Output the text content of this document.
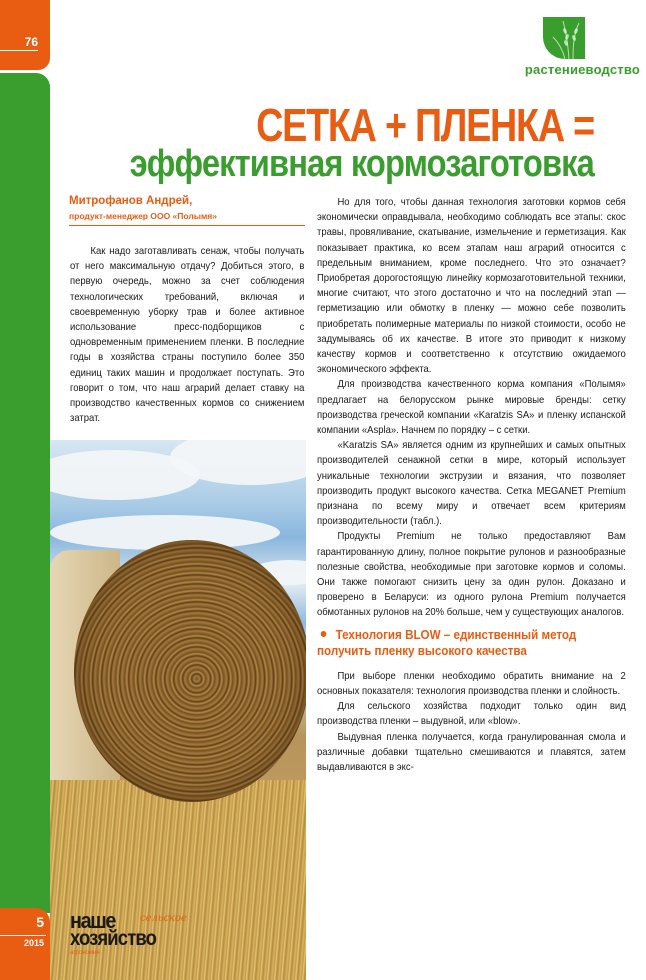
76
растениеводство
СЕТКА + ПЛЕНКА =
эффективная кормозаготовка
Митрофанов Андрей,
продукт-менеджер ООО «Полымя»

Как надо заготавливать сенаж, чтобы получать от него максимальную отдачу? Добиться этого, в первую очередь, можно за счет соблюдения технологических требований, включая и своевременную уборку трав и более активное использование пресс-подборщиков с одновременным применением пленки. В последние годы в хозяйства страны поступило более 350 единиц таких машин и продолжает поступать. Это говорит о том, что наш аграрий делает ставку на производство качественных кормов со снижением затрат.

Но для того, чтобы данная технология заготовки кормов себя экономически оправдывала, необходимо соблюдать все этапы: скос травы, провяливание, скатывание, измельчение и герметизация. Как показывает практика, ко всем этапам наш аграрий относится с предельным вниманием, кроме последнего. Что это означает? Приобретая дорогостоящую линейку кормозаготовительной техники, многие считают, что этого достаточно и что на последний этап — герметизацию или обмотку в пленку — можно себе позволить приобретать полимерные материалы по низкой стоимости, особо не задумываясь об их качестве. В итоге это приводит к низкому качеству кормов и соответственно к отсутствию ожидаемого экономического эффекта.

Для производства качественного корма компания «Полымя» предлагает на белорусском рынке мировые бренды: сетку производства греческой компании «Karatzis SA» и пленку испанской компании «Aspla». Начнем по порядку – с сетки.

«Karatzis SA» является одним из крупнейших и самых опытных производителей сенажной сетки в мире, который использует уникальные технологии экструзии и вязания, что позволяет производить продукт высокого качества. Сетка MEGANET Premium признана по всему миру и отвечает всем критериям производительности (табл.).

Продукты Premium не только предоставляют Вам гарантированную длину, полное покрытие рулонов и разнообразные полезные свойства, необходимые при заготовке кормов и соломы. Они также помогают снизить цену за один рулон. Доказано и проверено в Беларуси: из одного рулона Premium получается обмотанных рулонов на 20% больше, чем у существующих аналогов.

Технология BLOW – единственный метод получить пленку высокого качества

При выборе пленки необходимо обратить внимание на 2 основных показателя: технология производства пленки и слойность.

Для сельского хозяйства подходит только один вид производства пленки – выдувной, или «blow».

Выдувная пленка получается, когда гранулированная смола и различные добавки тщательно смешиваются и плавятся, затем выдавливаются в экс-

5
2015
наше сельское
хозяйство
агрономия
